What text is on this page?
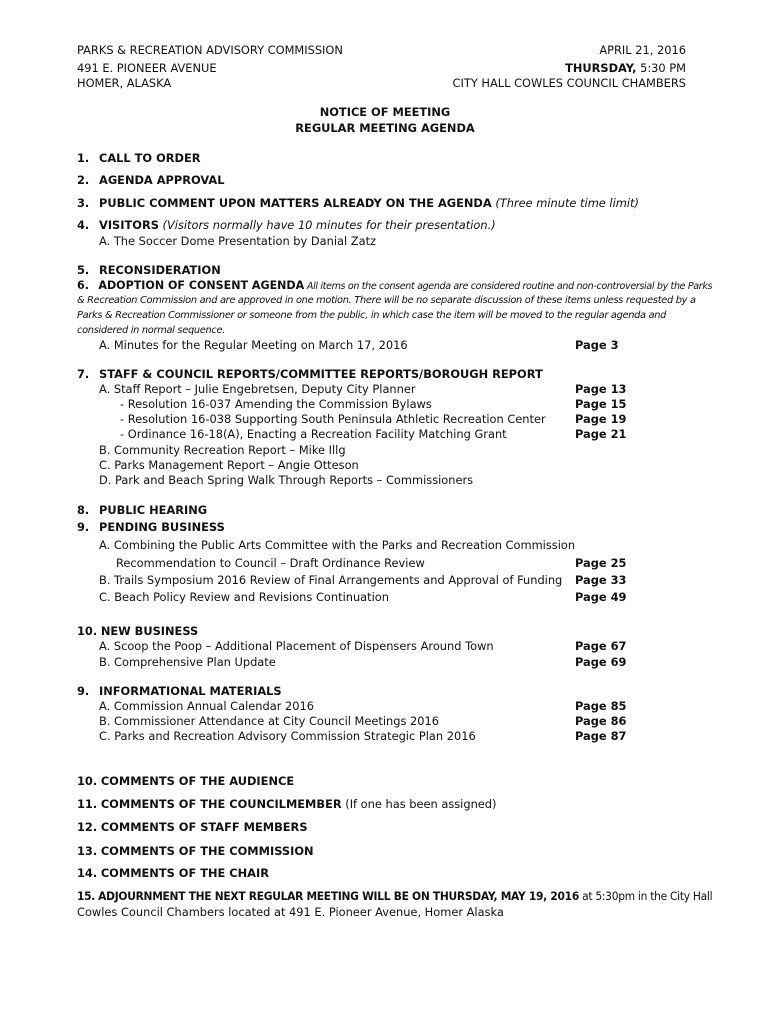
PARKS & RECREATION ADVISORY COMMISSION
491 E. PIONEER AVENUE
HOMER, ALASKA
APRIL 21, 2016
THURSDAY, 5:30 PM
CITY HALL COWLES COUNCIL CHAMBERS
NOTICE OF MEETING
REGULAR MEETING AGENDA
1. CALL TO ORDER
2. AGENDA APPROVAL
3. PUBLIC COMMENT UPON MATTERS ALREADY ON THE AGENDA (Three minute time limit)
4. VISITORS (Visitors normally have 10 minutes for their presentation.)
A. The Soccer Dome Presentation by Danial Zatz
5. RECONSIDERATION
6. ADOPTION OF CONSENT AGENDA All items on the consent agenda are considered routine and non-controversial by the Parks
& Recreation Commission and are approved in one motion. There will be no separate discussion of these items unless requested by a
Parks & Recreation Commissioner or someone from the public, in which case the item will be moved to the regular agenda and
considered in normal sequence.
A. Minutes for the Regular Meeting on March 17, 2016	Page 3
7. STAFF & COUNCIL REPORTS/COMMITTEE REPORTS/BOROUGH REPORT
A. Staff Report – Julie Engebretsen, Deputy City Planner	Page 13
- Resolution 16-037 Amending the Commission Bylaws	Page 15
- Resolution 16-038 Supporting South Peninsula Athletic Recreation Center	Page 19
- Ordinance 16-18(A), Enacting a Recreation Facility Matching Grant	Page 21
B. Community Recreation Report – Mike Illg
C. Parks Management Report – Angie Otteson
D. Park and Beach Spring Walk Through Reports – Commissioners
8. PUBLIC HEARING
9. PENDING BUSINESS
A. Combining the Public Arts Committee with the Parks and Recreation Commission
Recommendation to Council – Draft Ordinance Review	Page 25
B. Trails Symposium 2016 Review of Final Arrangements and Approval of Funding Page 33
C. Beach Policy Review and Revisions Continuation	Page 49
10. NEW BUSINESS
A. Scoop the Poop – Additional Placement of Dispensers Around Town	Page 67
B. Comprehensive Plan Update	Page 69
9. INFORMATIONAL MATERIALS
A. Commission Annual Calendar 2016	Page 85
B. Commissioner Attendance at City Council Meetings 2016	Page 86
C. Parks and Recreation Advisory Commission Strategic Plan 2016	Page 87
10. COMMENTS OF THE AUDIENCE
11. COMMENTS OF THE COUNCILMEMBER (If one has been assigned)
12. COMMENTS OF STAFF MEMBERS
13. COMMENTS OF THE COMMISSION
14. COMMENTS OF THE CHAIR
15. ADJOURNMENT THE NEXT REGULAR MEETING WILL BE ON THURSDAY, MAY 19, 2016 at 5:30pm in the City Hall
Cowles Council Chambers located at 491 E. Pioneer Avenue, Homer Alaska
